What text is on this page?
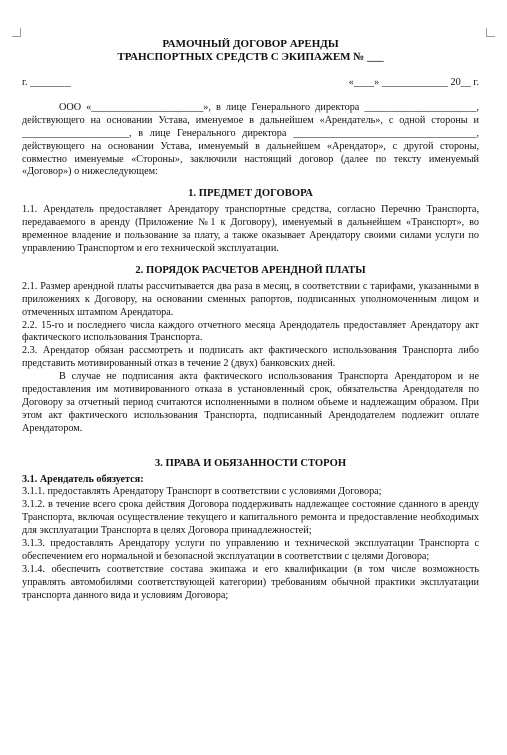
РАМОЧНЫЙ ДОГОВОР АРЕНДЫ
ТРАНСПОРТНЫХ СРЕДСТВ С ЭКИПАЖЕМ № ___
г. ________	«____» _____________ 20__ г.

ООО «______________________», в лице Генерального директора ______________________, действующего на основании Устава, именуемое в дальнейшем «Арендатель», с одной стороны и _____________________, в лице Генерального директора ____________________________________, действующего на основании Устава, именуемый в дальнейшем «Арендатор», с другой стороны, совместно именуемые «Стороны», заключили настоящий договор (далее по тексту именуемый «Договор») о нижеследующем:

1. ПРЕДМЕТ ДОГОВОРА

1.1. Арендатель предоставляет Арендатору транспортные средства, согласно Перечню Транспорта, передаваемого в аренду (Приложение №1 к Договору), именуемый в дальнейшем «Транспорт», во временное владение и пользование за плату, а также оказывает Арендатору своими силами услуги по управлению Транспортом и его технической эксплуатации.

2. ПОРЯДОК РАСЧЕТОВ АРЕНДНОЙ ПЛАТЫ

2.1. Размер арендной платы рассчитывается два раза в месяц, в соответствии с тарифами, указанными в приложениях к Договору, на основании сменных рапортов, подписанных уполномоченным лицом и отмеченных штампом Арендатора.

2.2. 15-го и последнего числа каждого отчетного месяца Арендодатель предоставляет Арендатору акт фактического использования Транспорта.

2.3. Арендатор обязан рассмотреть и подписать акт фактического использования Транспорта либо представить мотивированный отказ в течение 2 (двух) банковских дней.

В случае не подписания акта фактического использования Транспорта Арендатором и не предоставления им мотивированного отказа в установленный срок, обязательства Арендодателя по Договору за отчетный период считаются исполненными в полном объеме и надлежащим образом. При этом акт фактического использования Транспорта, подписанный Арендодателем подлежит оплате Арендатором.

3. ПРАВА И ОБЯЗАННОСТИ СТОРОН

3.1. Арендатель обязуется:

3.1.1. предоставлять Арендатору Транспорт в соответствии с условиями Договора;

3.1.2. в течение всего срока действия Договора поддерживать надлежащее состояние сданного в аренду Транспорта, включая осуществление текущего и капитального ремонта и предоставление необходимых для эксплуатации Транспорта в целях Договора принадлежностей;

3.1.3. предоставлять Арендатору услуги по управлению и технической эксплуатации Транспорта с обеспечением его нормальной и безопасной эксплуатации в соответствии с целями Договора;

3.1.4. обеспечить соответствие состава экипажа и его квалификации (в том числе возможность управлять автомобилями соответствующей категории) требованиям обычной практики эксплуатации транспорта данного вида и условиям Договора;
